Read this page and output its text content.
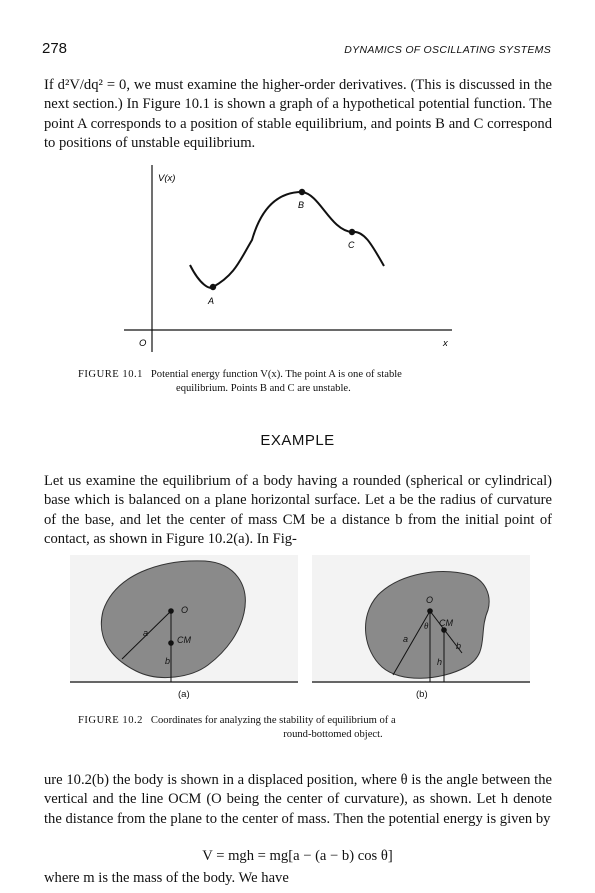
278	DYNAMICS OF OSCILLATING SYSTEMS
If d²V/dq² = 0, we must examine the higher-order derivatives. (This is discussed in the next section.) In Figure 10.1 is shown a graph of a hypothetical potential function. The point A corresponds to a position of stable equilibrium, and points B and C correspond to positions of unstable equilibrium.
V(x)
O	x
A
B
C
FIGURE 10.1 Potential energy function V(x). The point A is one of stable
equilibrium. Points B and C are unstable.
EXAMPLE
Let us examine the equilibrium of a body having a rounded (spherical or cylindrical) base which is balanced on a plane horizontal surface. Let a be the radius of curvature of the base, and let the center of mass CM be a distance b from the initial point of contact, as shown in Figure 10.2(a). In Fig-
O
CM
a
b
O
CM
θ
a
b
h
(a)	(b)
FIGURE 10.2 Coordinates for analyzing the stability of equilibrium of a
round-bottomed object.
ure 10.2(b) the body is shown in a displaced position, where θ is the angle between the vertical and the line OCM (O being the center of curvature), as shown. Let h denote the distance from the plane to the center of mass. Then the potential energy is given by
V = mgh = mg[a − (a − b) cos θ]
where m is the mass of the body. We have
